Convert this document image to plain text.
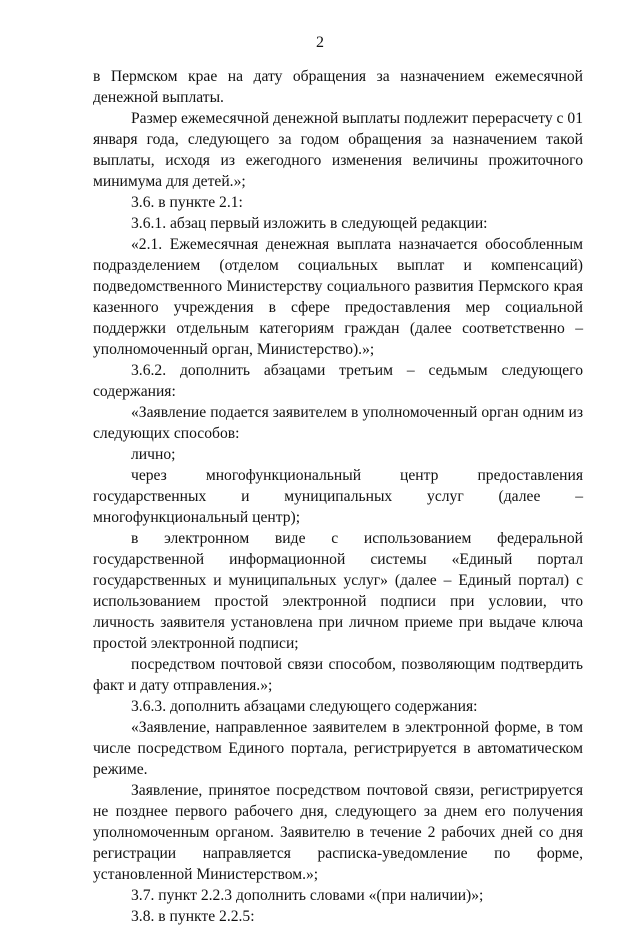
2

в Пермском крае на дату обращения за назначением ежемесячной денежной выплаты.

Размер ежемесячной денежной выплаты подлежит перерасчету с 01 января года, следующего за годом обращения за назначением такой выплаты, исходя из ежегодного изменения величины прожиточного минимума для детей.»;

3.6. в пункте 2.1:

3.6.1. абзац первый изложить в следующей редакции:

«2.1. Ежемесячная денежная выплата назначается обособленным подразделением (отделом социальных выплат и компенсаций) подведомственного Министерству социального развития Пермского края казенного учреждения в сфере предоставления мер социальной поддержки отдельным категориям граждан (далее соответственно – уполномоченный орган, Министерство).»;

3.6.2. дополнить абзацами третьим – седьмым следующего содержания:

«Заявление подается заявителем в уполномоченный орган одним из следующих способов:

лично;

через многофункциональный центр предоставления государственных и муниципальных услуг (далее – многофункциональный центр);

в электронном виде с использованием федеральной государственной информационной системы «Единый портал государственных и муниципальных услуг» (далее – Единый портал) с использованием простой электронной подписи при условии, что личность заявителя установлена при личном приеме при выдаче ключа простой электронной подписи;

посредством почтовой связи способом, позволяющим подтвердить факт и дату отправления.»;

3.6.3. дополнить абзацами следующего содержания:

«Заявление, направленное заявителем в электронной форме, в том числе посредством Единого портала, регистрируется в автоматическом режиме.

Заявление, принятое посредством почтовой связи, регистрируется не позднее первого рабочего дня, следующего за днем его получения уполномоченным органом. Заявителю в течение 2 рабочих дней со дня регистрации направляется расписка-уведомление по форме, установленной Министерством.»;

3.7. пункт 2.2.3 дополнить словами «(при наличии)»;

3.8. в пункте 2.2.5:
